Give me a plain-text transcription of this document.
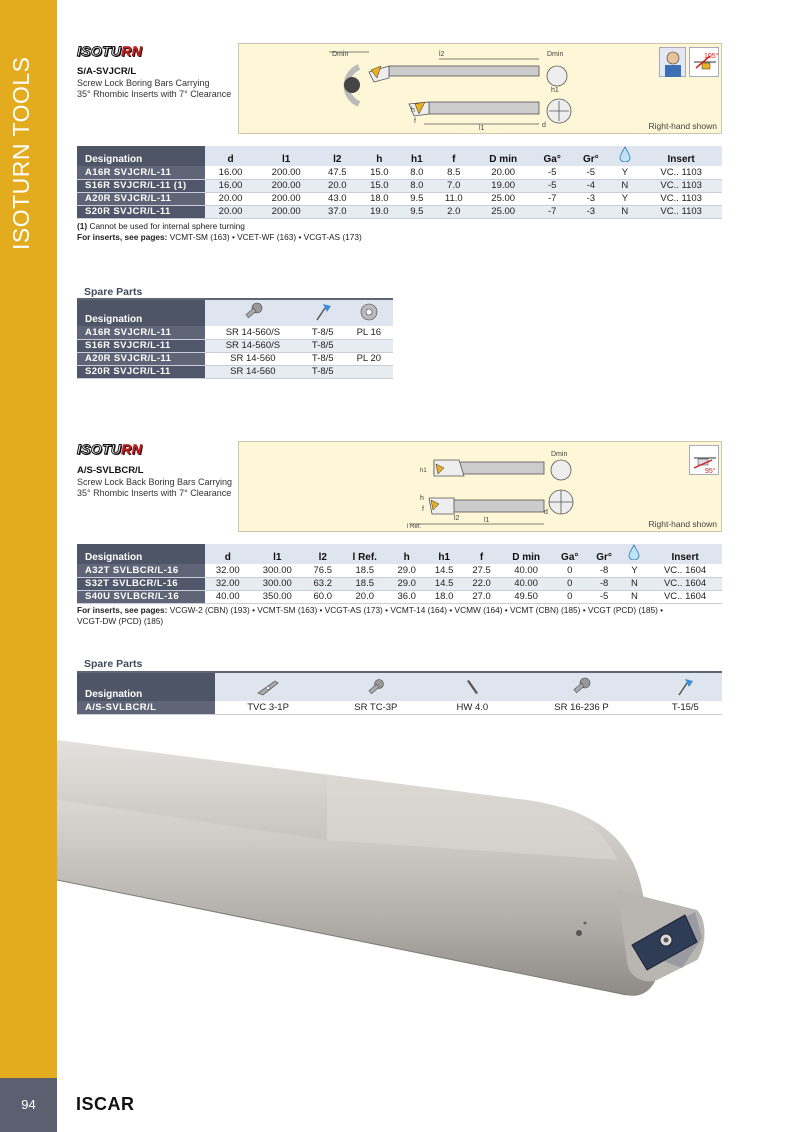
ISOTURN TOOLS
94	ISCAR
ISOTURN
S/A-SVJCR/L
Screw Lock Boring Bars Carrying
35° Rhombic Inserts with 7° Clearance
Dmin	l2	Dmin
h1
h
f
l1	d	Right-hand shown
105°
Designation	d	l1	l2	h	h1	f	D min	Ga°	Gr°		Insert
A16R SVJCR/L-11	16.00	200.00	47.5	15.0	8.0	8.5	20.00	-5	-5	Y	VC.. 1103
S16R SVJCR/L-11 (1)	16.00	200.00	20.0	15.0	8.0	7.0	19.00	-5	-4	N	VC.. 1103
A20R SVJCR/L-11	20.00	200.00	43.0	18.0	9.5	11.0	25.00	-7	-3	Y	VC.. 1103
S20R SVJCR/L-11	20.00	200.00	37.0	19.0	9.5	2.0	25.00	-7	-3	N	VC.. 1103
(1) Cannot be used for internal sphere turning
For inserts, see pages: VCMT-SM (163) • VCET-WF (163) • VCGT-AS (173)
Spare Parts
Designation			
A16R SVJCR/L-11	SR 14-560/S	T-8/5	PL 16
S16R SVJCR/L-11	SR 14-560/S	T-8/5	
A20R SVJCR/L-11	SR 14-560	T-8/5	PL 20
S20R SVJCR/L-11	SR 14-560	T-8/5	
ISOTURN
A/S-SVLBCR/L
Screw Lock Back Boring Bars Carrying
35° Rhombic Inserts with 7° Clearance
Dmin
h1
h
f
l2	l1
l Ref.
d
Right-hand shown
95°
Designation	d	l1	l2	l Ref.	h	h1	f	D min	Ga°	Gr°		Insert
A32T SVLBCR/L-16	32.00	300.00	76.5	18.5	29.0	14.5	27.5	40.00	0	-8	Y	VC.. 1604
S32T SVLBCR/L-16	32.00	300.00	63.2	18.5	29.0	14.5	22.0	40.00	0	-8	N	VC.. 1604
S40U SVLBCR/L-16	40.00	350.00	60.0	20.0	36.0	18.0	27.0	49.50	0	-5	N	VC.. 1604
For inserts, see pages: VCGW-2 (CBN) (193) • VCMT-SM (163) • VCGT-AS (173) • VCMT-14 (164) • VCMW (164) • VCMT (CBN) (185) • VCGT (PCD) (185) •
VCGT-DW (PCD) (185)
Spare Parts
Designation					
A/S-SVLBCR/L	TVC 3-1P	SR TC-3P	HW 4.0	SR 16-236 P	T-15/5
